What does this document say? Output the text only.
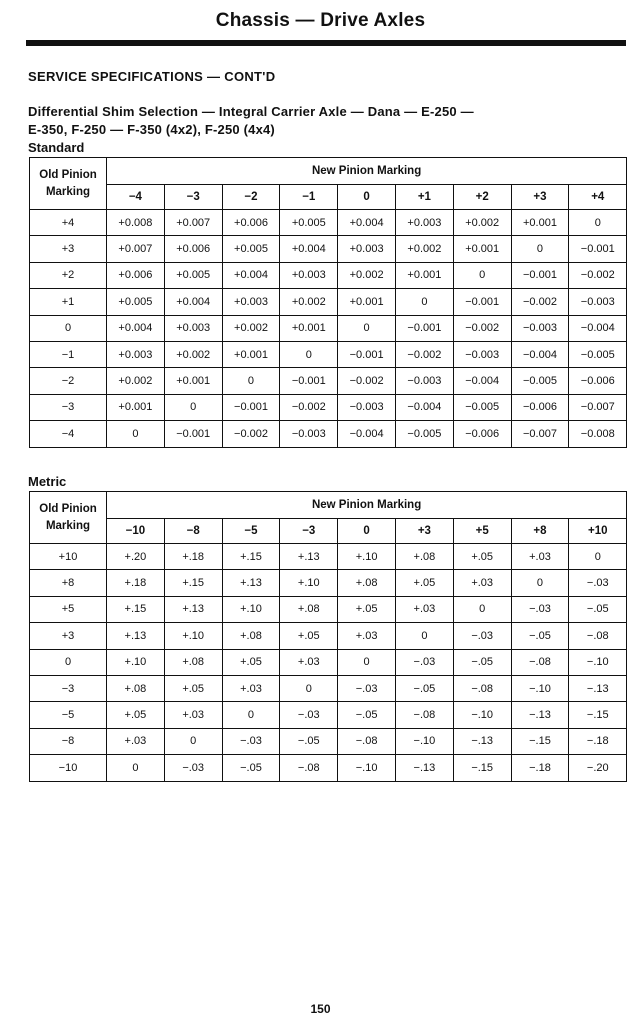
Chassis — Drive Axles
SERVICE SPECIFICATIONS — CONT'D
Differential Shim Selection — Integral Carrier Axle — Dana — E-250 —
E-350, F-250 — F-350 (4x2), F-250 (4x4)
Standard
Old Pinion
Marking	New Pinion Marking								
	−4	−3	−2	−1	0	+1	+2	+3	+4
+4	+0.008	+0.007	+0.006	+0.005	+0.004	+0.003	+0.002	+0.001	0
+3	+0.007	+0.006	+0.005	+0.004	+0.003	+0.002	+0.001	0	−0.001
+2	+0.006	+0.005	+0.004	+0.003	+0.002	+0.001	0	−0.001	−0.002
+1	+0.005	+0.004	+0.003	+0.002	+0.001	0	−0.001	−0.002	−0.003
0	+0.004	+0.003	+0.002	+0.001	0	−0.001	−0.002	−0.003	−0.004
−1	+0.003	+0.002	+0.001	0	−0.001	−0.002	−0.003	−0.004	−0.005
−2	+0.002	+0.001	0	−0.001	−0.002	−0.003	−0.004	−0.005	−0.006
−3	+0.001	0	−0.001	−0.002	−0.003	−0.004	−0.005	−0.006	−0.007
−4	0	−0.001	−0.002	−0.003	−0.004	−0.005	−0.006	−0.007	−0.008
Metric
Old Pinion
Marking	New Pinion Marking								
	−10	−8	−5	−3	0	+3	+5	+8	+10
+10	+.20	+.18	+.15	+.13	+.10	+.08	+.05	+.03	0
+8	+.18	+.15	+.13	+.10	+.08	+.05	+.03	0	−.03
+5	+.15	+.13	+.10	+.08	+.05	+.03	0	−.03	−.05
+3	+.13	+.10	+.08	+.05	+.03	0	−.03	−.05	−.08
0	+.10	+.08	+.05	+.03	0	−.03	−.05	−.08	−.10
−3	+.08	+.05	+.03	0	−.03	−.05	−.08	−.10	−.13
−5	+.05	+.03	0	−.03	−.05	−.08	−.10	−.13	−.15
−8	+.03	0	−.03	−.05	−.08	−.10	−.13	−.15	−.18
−10	0	−.03	−.05	−.08	−.10	−.13	−.15	−.18	−.20
150
